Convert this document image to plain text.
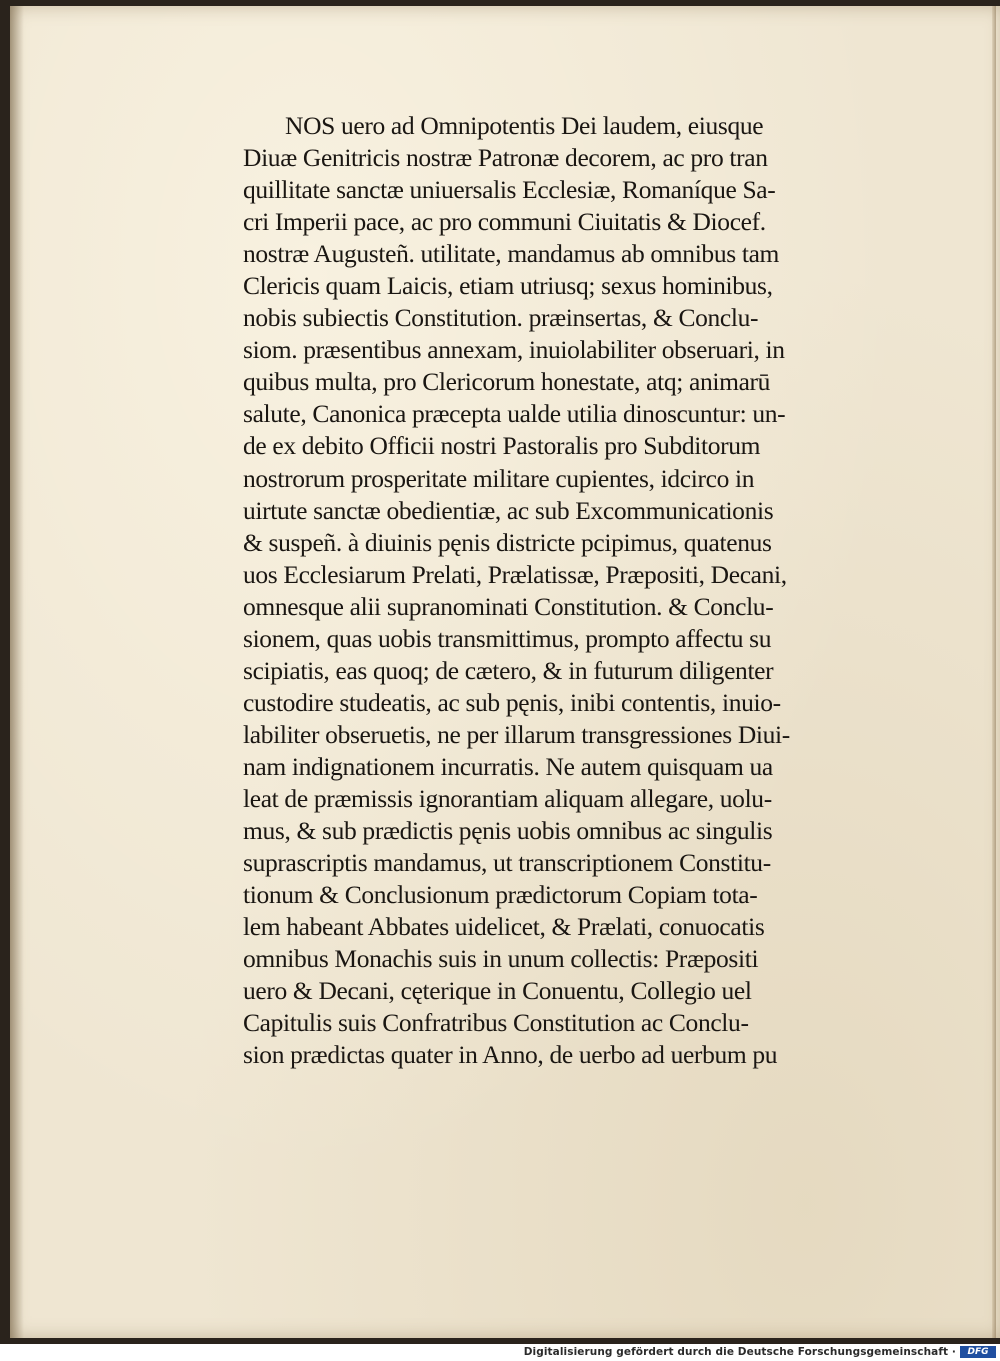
NOS uero ad Omnipotentis Dei laudem, eiusque
Diuæ Genitricis nostræ Patronæ decorem, ac pro tran
quillitate sanctæ uniuersalis Ecclesiæ, Romaníque Sa-
cri Imperii pace, ac pro communi Ciuitatis & Diocef.
nostræ Augusteñ. utilitate, mandamus ab omnibus tam
Clericis quam Laicis, etiam utriusq; sexus hominibus,
nobis subiectis Constitution. præinsertas, & Conclu-
siom. præsentibus annexam, inuiolabiliter obseruari, in
quibus multa, pro Clericorum honestate, atq; animarū
salute, Canonica præcepta ualde utilia dinoscuntur: un-
de ex debito Officii nostri Pastoralis pro Subditorum
nostrorum prosperitate militare cupientes, idcirco in
uirtute sanctæ obedientiæ, ac sub Excommunicationis
& suspeñ. à diuinis pęnis districte pcipimus, quatenus
uos Ecclesiarum Prelati, Prælatissæ, Præpositi, Decani,
omnesque alii supranominati Constitution. & Conclu-
sionem, quas uobis transmittimus, prompto affectu su
scipiatis, eas quoq; de cætero, & in futurum diligenter
custodire studeatis, ac sub pęnis, inibi contentis, inuio-
labiliter obseruetis, ne per illarum transgressiones Diui-
nam indignationem incurratis. Ne autem quisquam ua
leat de præmissis ignorantiam aliquam allegare, uolu-
mus, & sub prædictis pęnis uobis omnibus ac singulis
suprascriptis mandamus, ut transcriptionem Constitu-
tionum & Conclusionum prædictorum Copiam tota-
lem habeant Abbates uidelicet, & Prælati, conuocatis
omnibus Monachis suis in unum collectis: Præpositi
uero & Decani, cęterique in Conuentu, Collegio uel
Capitulis suis Confratribus Constitution ac Conclu-
sion prædictas quater in Anno, de uerbo ad uerbum pu
Digitalisierung gefördert durch die Deutsche Forschungsgemeinschaft ·	DFG
